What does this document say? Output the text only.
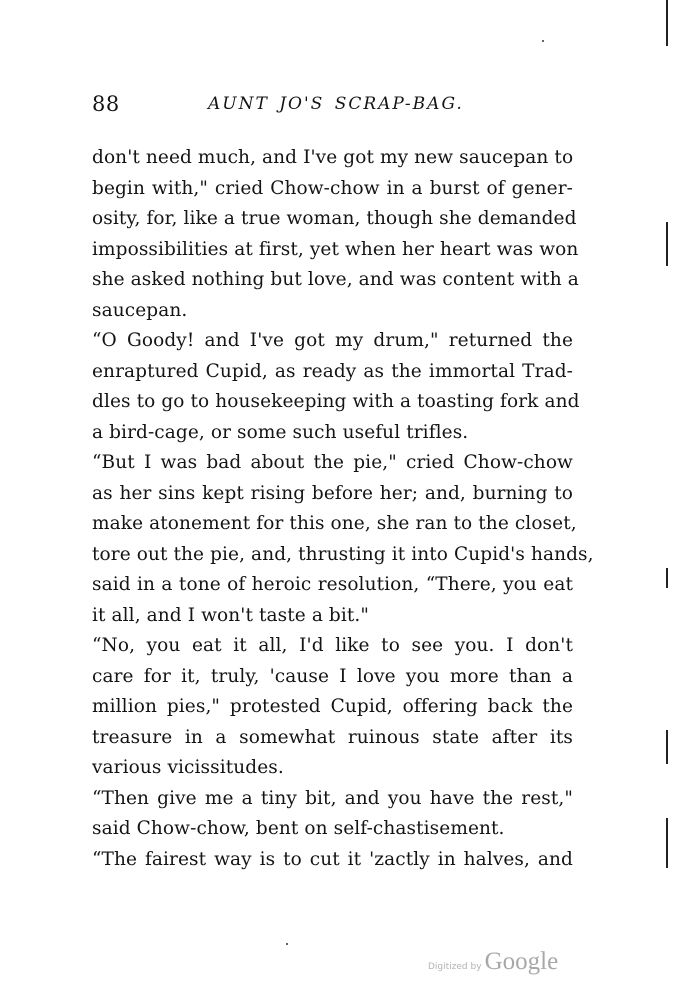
88	AUNT JO'S SCRAP-BAG.
don't need much, and I've got my new saucepan to
begin with," cried Chow-chow in a burst of gener-
osity, for, like a true woman, though she demanded
impossibilities at first, yet when her heart was won
she asked nothing but love, and was content with a
saucepan.
“O Goody! and I've got my drum," returned the
enraptured Cupid, as ready as the immortal Trad-
dles to go to housekeeping with a toasting fork and
a bird-cage, or some such useful trifles.
“But I was bad about the pie," cried Chow-chow
as her sins kept rising before her; and, burning to
make atonement for this one, she ran to the closet,
tore out the pie, and, thrusting it into Cupid's hands,
said in a tone of heroic resolution, “There, you eat
it all, and I won't taste a bit."
“No, you eat it all, I'd like to see you. I don't
care for it, truly, 'cause I love you more than a
million pies," protested Cupid, offering back the
treasure in a somewhat ruinous state after its
various vicissitudes.
“Then give me a tiny bit, and you have the rest,"
said Chow-chow, bent on self-chastisement.
“The fairest way is to cut it 'zactly in halves, and
Digitized by Google
